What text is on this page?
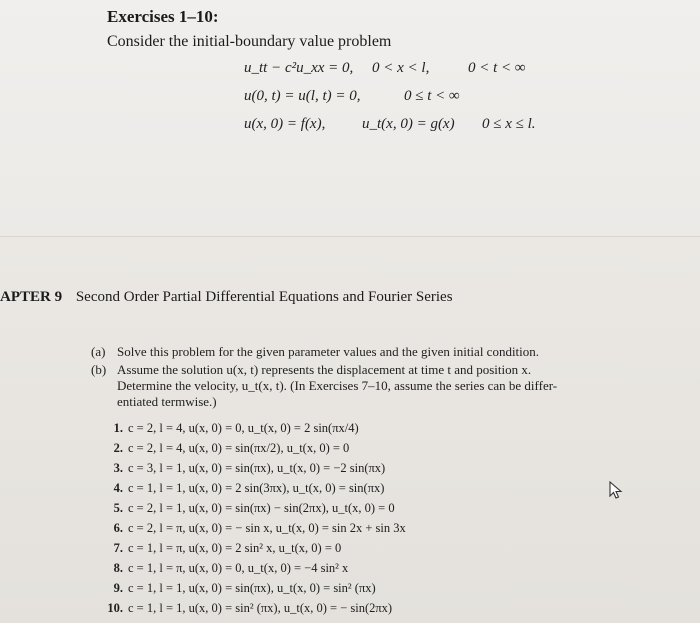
Exercises 1–10:
Consider the initial-boundary value problem
u_tt − c²u_xx = 0, 0 < x < l,	0 < t < ∞
u(0, t) = u(l, t) = 0,	0 ≤ t < ∞
u(x, 0) = f(x), u_t(x, 0) = g(x) 0 ≤ x ≤ l.
APTER 9 Second Order Partial Differential Equations and Fourier Series
(a) Solve this problem for the given parameter values and the given initial condition.
(b) Assume the solution u(x, t) represents the displacement at time t and position x.
Determine the velocity, u_t(x, t). (In Exercises 7–10, assume the series can be differ-
entiated termwise.)
1. c = 2, l = 4, u(x, 0) = 0, u_t(x, 0) = 2 sin(πx/4)
2. c = 2, l = 4, u(x, 0) = sin(πx/2), u_t(x, 0) = 0
3. c = 3, l = 1, u(x, 0) = sin(πx), u_t(x, 0) = −2 sin(πx)
4. c = 1, l = 1, u(x, 0) = 2 sin(3πx), u_t(x, 0) = sin(πx)
5. c = 2, l = 1, u(x, 0) = sin(πx) − sin(2πx), u_t(x, 0) = 0
6. c = 2, l = π, u(x, 0) = − sin x, u_t(x, 0) = sin 2x + sin 3x
7. c = 1, l = π, u(x, 0) = 2 sin² x, u_t(x, 0) = 0
8. c = 1, l = π, u(x, 0) = 0, u_t(x, 0) = −4 sin² x
9. c = 1, l = 1, u(x, 0) = sin(πx), u_t(x, 0) = sin² (πx)
10. c = 1, l = 1, u(x, 0) = sin² (πx), u_t(x, 0) = − sin(2πx)
